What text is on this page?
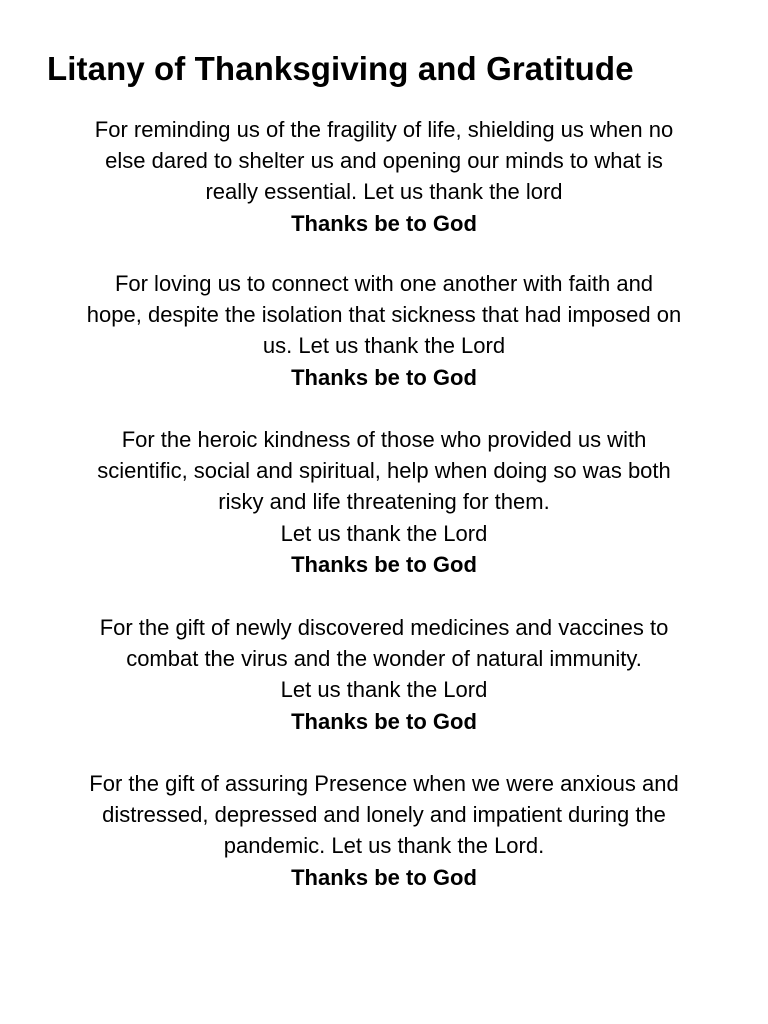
Litany of Thanksgiving and Gratitude
For reminding us of the fragility of life, shielding us when no
else dared to shelter us and opening our minds to what is
really essential. Let us thank the lord
Thanks be to God
For loving us to connect with one another with faith and
hope, despite the isolation that sickness that had imposed on
us. Let us thank the Lord
Thanks be to God
For the heroic kindness of those who provided us with
scientific, social and spiritual, help when doing so was both
risky and life threatening for them.
Let us thank the Lord
Thanks be to God
For the gift of newly discovered medicines and vaccines to
combat the virus and the wonder of natural immunity.
Let us thank the Lord
Thanks be to God
For the gift of assuring Presence when we were anxious and
distressed, depressed and lonely and impatient during the
pandemic. Let us thank the Lord.
Thanks be to God
